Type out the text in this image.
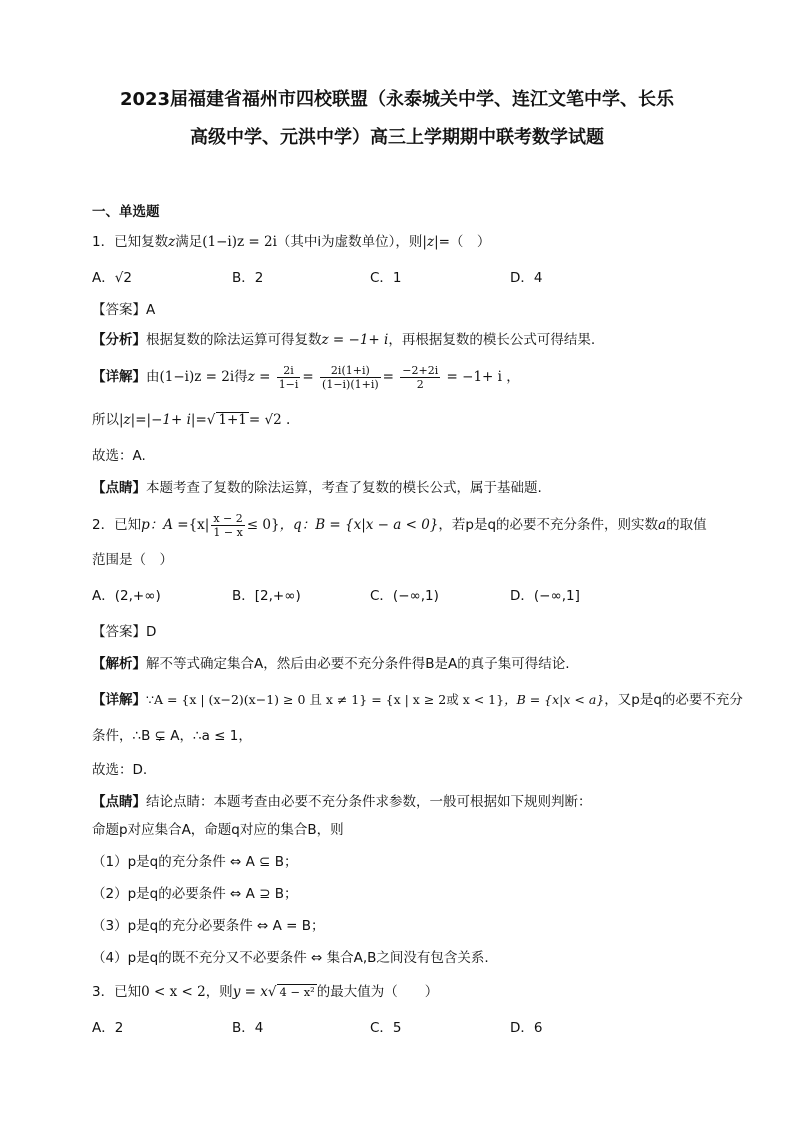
2023届福建省福州市四校联盟（永泰城关中学、连江文笔中学、长乐
高级中学、元洪中学）高三上学期期中联考数学试题
一、单选题
1．已知复数z满足(1−i)z = 2i（其中i为虚数单位），则|z|=（　）
A．√2	B．2	C．1	D．4
【答案】A
【分析】根据复数的除法运算可得复数z = −1+ i，再根据复数的模长公式可得结果.
【详解】由(1−i)z = 2i得$z = \frac{2i}{1-i} = \frac{2i(1+i)}{(1-i)(1+i)} = \frac{-2+2i}{2} = -1+ i$ ，
所以|z|=|−1+ i|=√ 1+1 = √2 .
故选：A.
【点睛】本题考查了复数的除法运算，考查了复数的模长公式，属于基础题.
2．已知p：$A =\{x| \frac{x - 2}{1 - x} \le 0\}$，q：B = {x|x − a < 0}，若p是q的必要不充分条件，则实数a的取值
范围是（　）
A．(2,+∞)	B．[2,+∞)	C．(−∞,1)	D．(−∞,1]
【答案】D
【解析】解不等式确定集合A，然后由必要不充分条件得B是A的真子集可得结论.
【详解】∵A = {x | (x−2)(x−1) ≥ 0 且 x ≠ 1} = {x | x ≥ 2或 x < 1}，B = {x|x < a}，又p是q的必要不充分
条件，∴B ⊊ A，∴a ≤ 1，
故选：D.
【点睛】结论点睛：本题考查由必要不充分条件求参数，一般可根据如下规则判断：
命题p对应集合A，命题q对应的集合B，则
（1）p是q的充分条件 ⇔ A ⊆ B；
（2）p是q的必要条件 ⇔ A ⊇ B；
（3）p是q的充分必要条件 ⇔ A = B；
（4）p是q的既不充分又不必要条件 ⇔ 集合A,B之间没有包含关系.
3．已知0 < x < 2，则y = x√ 4 − x² 的最大值为（　　）
A．2	B．4	C．5	D．6
